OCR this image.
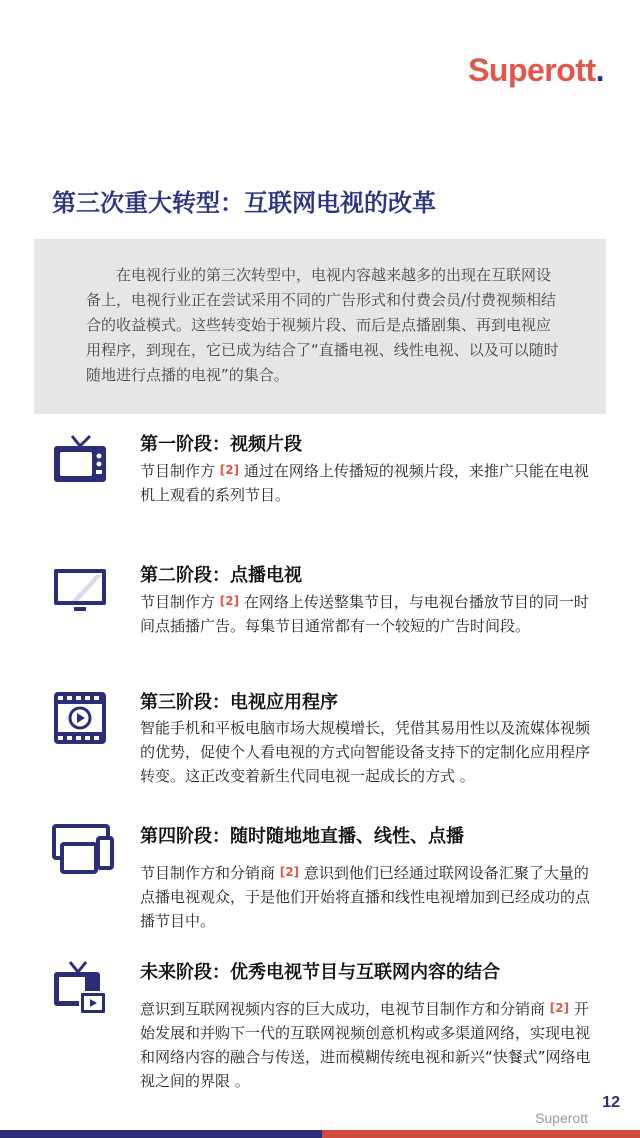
Superott.
第三次重大转型：互联网电视的改革
在电视行业的第三次转型中，电视内容越来越多的出现在互联网设备上，电视行业正在尝试采用不同的广告形式和付费会员/付费视频相结合的收益模式。这些转变始于视频片段、而后是点播剧集、再到电视应用程序，到现在，它已成为结合了“直播电视、线性电视、以及可以随时随地进行点播的电视”的集合。
第一阶段：视频片段

节目制作方 [2] 通过在网络上传播短的视频片段，来推广只能在电视机上观看的系列节目。

第二阶段：点播电视

节目制作方 [2] 在网络上传送整集节目，与电视台播放节目的同一时间点插播广告。每集节目通常都有一个较短的广告时间段。

第三阶段：电视应用程序

智能手机和平板电脑市场大规模增长，凭借其易用性以及流媒体视频的优势，促使个人看电视的方式向智能设备支持下的定制化应用程序转变。这正改变着新生代同电视一起成长的方式 。

第四阶段：随时随地地直播、线性、点播

节目制作方和分销商 [2] 意识到他们已经通过联网设备汇聚了大量的点播电视观众，于是他们开始将直播和线性电视增加到已经成功的点播节目中。

未来阶段：优秀电视节目与互联网内容的结合

意识到互联网视频内容的巨大成功，电视节目制作方和分销商 [2] 开始发展和并购下一代的互联网视频创意机构或多渠道网络，实现电视和网络内容的融合与传送，进而模糊传统电视和新兴“快餐式”网络电视之间的界限 。

12
Superott
